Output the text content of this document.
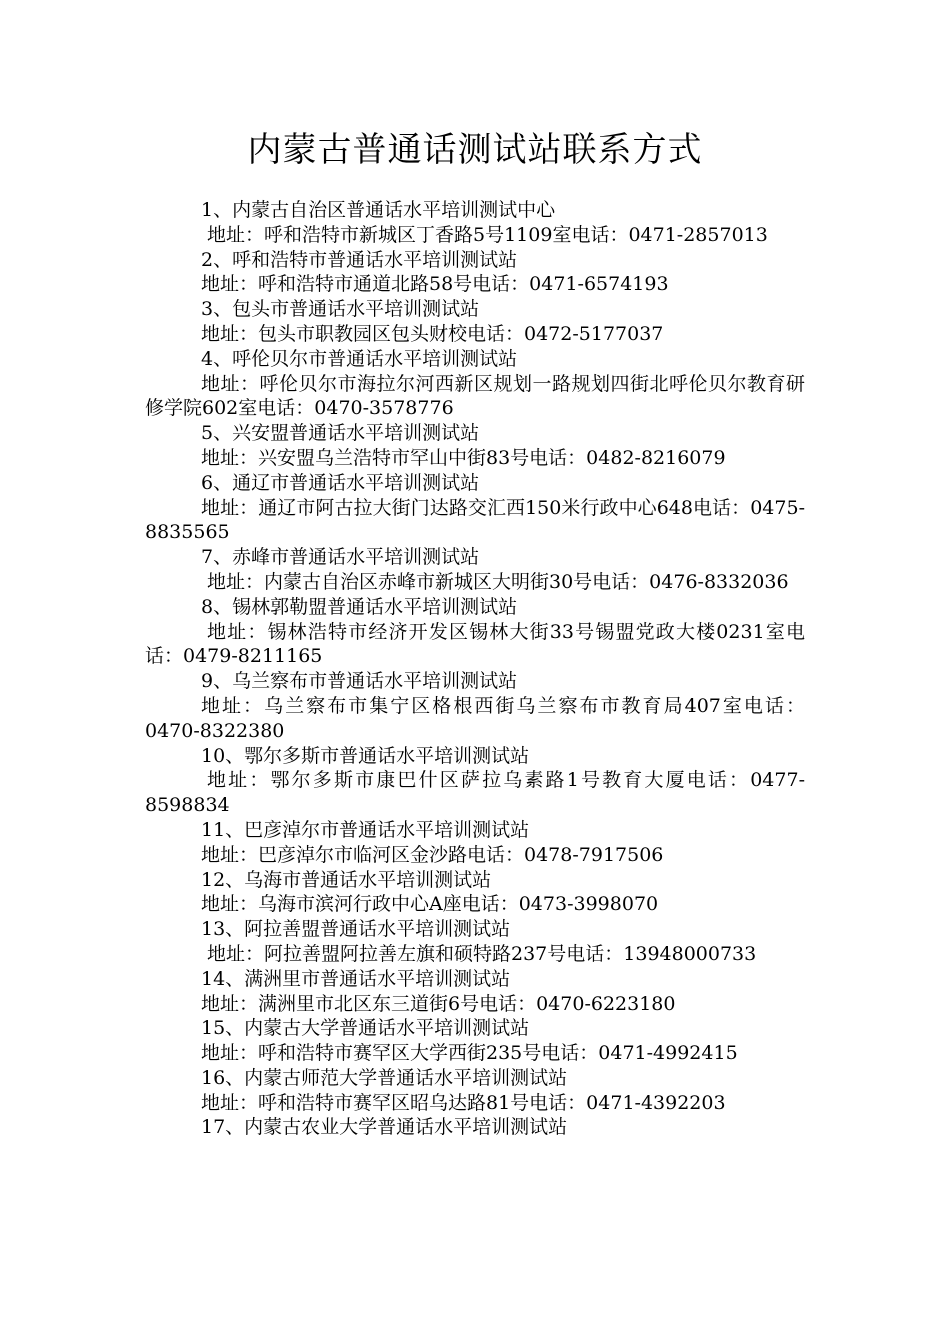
内蒙古普通话测试站联系方式

1、内蒙古自治区普通话水平培训测试中心

地址：呼和浩特市新城区丁香路5号1109室电话：0471-2857013

2、呼和浩特市普通话水平培训测试站

地址：呼和浩特市通道北路58号电话：0471-6574193

3、包头市普通话水平培训测试站

地址：包头市职教园区包头财校电话：0472-5177037

4、呼伦贝尔市普通话水平培训测试站

地址：呼伦贝尔市海拉尔河西新区规划一路规划四街北呼伦贝尔教育研修学院602室电话：0470-3578776

5、兴安盟普通话水平培训测试站

地址：兴安盟乌兰浩特市罕山中街83号电话：0482-8216079

6、通辽市普通话水平培训测试站

地址：通辽市阿古拉大街门达路交汇西150米行政中心648电话：0475-8835565

7、赤峰市普通话水平培训测试站

地址：内蒙古自治区赤峰市新城区大明街30号电话：0476-8332036

8、锡林郭勒盟普通话水平培训测试站

地址：锡林浩特市经济开发区锡林大街33号锡盟党政大楼0231室电话：0479-8211165

9、乌兰察布市普通话水平培训测试站

地址：乌兰察布市集宁区格根西街乌兰察布市教育局407室电话：0470-8322380

10、鄂尔多斯市普通话水平培训测试站

地址：鄂尔多斯市康巴什区萨拉乌素路1号教育大厦电话：0477-8598834

11、巴彦淖尔市普通话水平培训测试站

地址：巴彦淖尔市临河区金沙路电话：0478-7917506

12、乌海市普通话水平培训测试站

地址：乌海市滨河行政中心A座电话：0473-3998070

13、阿拉善盟普通话水平培训测试站

地址：阿拉善盟阿拉善左旗和硕特路237号电话：13948000733

14、满洲里市普通话水平培训测试站

地址：满洲里市北区东三道街6号电话：0470-6223180

15、内蒙古大学普通话水平培训测试站

地址：呼和浩特市赛罕区大学西街235号电话：0471-4992415

16、内蒙古师范大学普通话水平培训测试站

地址：呼和浩特市赛罕区昭乌达路81号电话：0471-4392203

17、内蒙古农业大学普通话水平培训测试站
